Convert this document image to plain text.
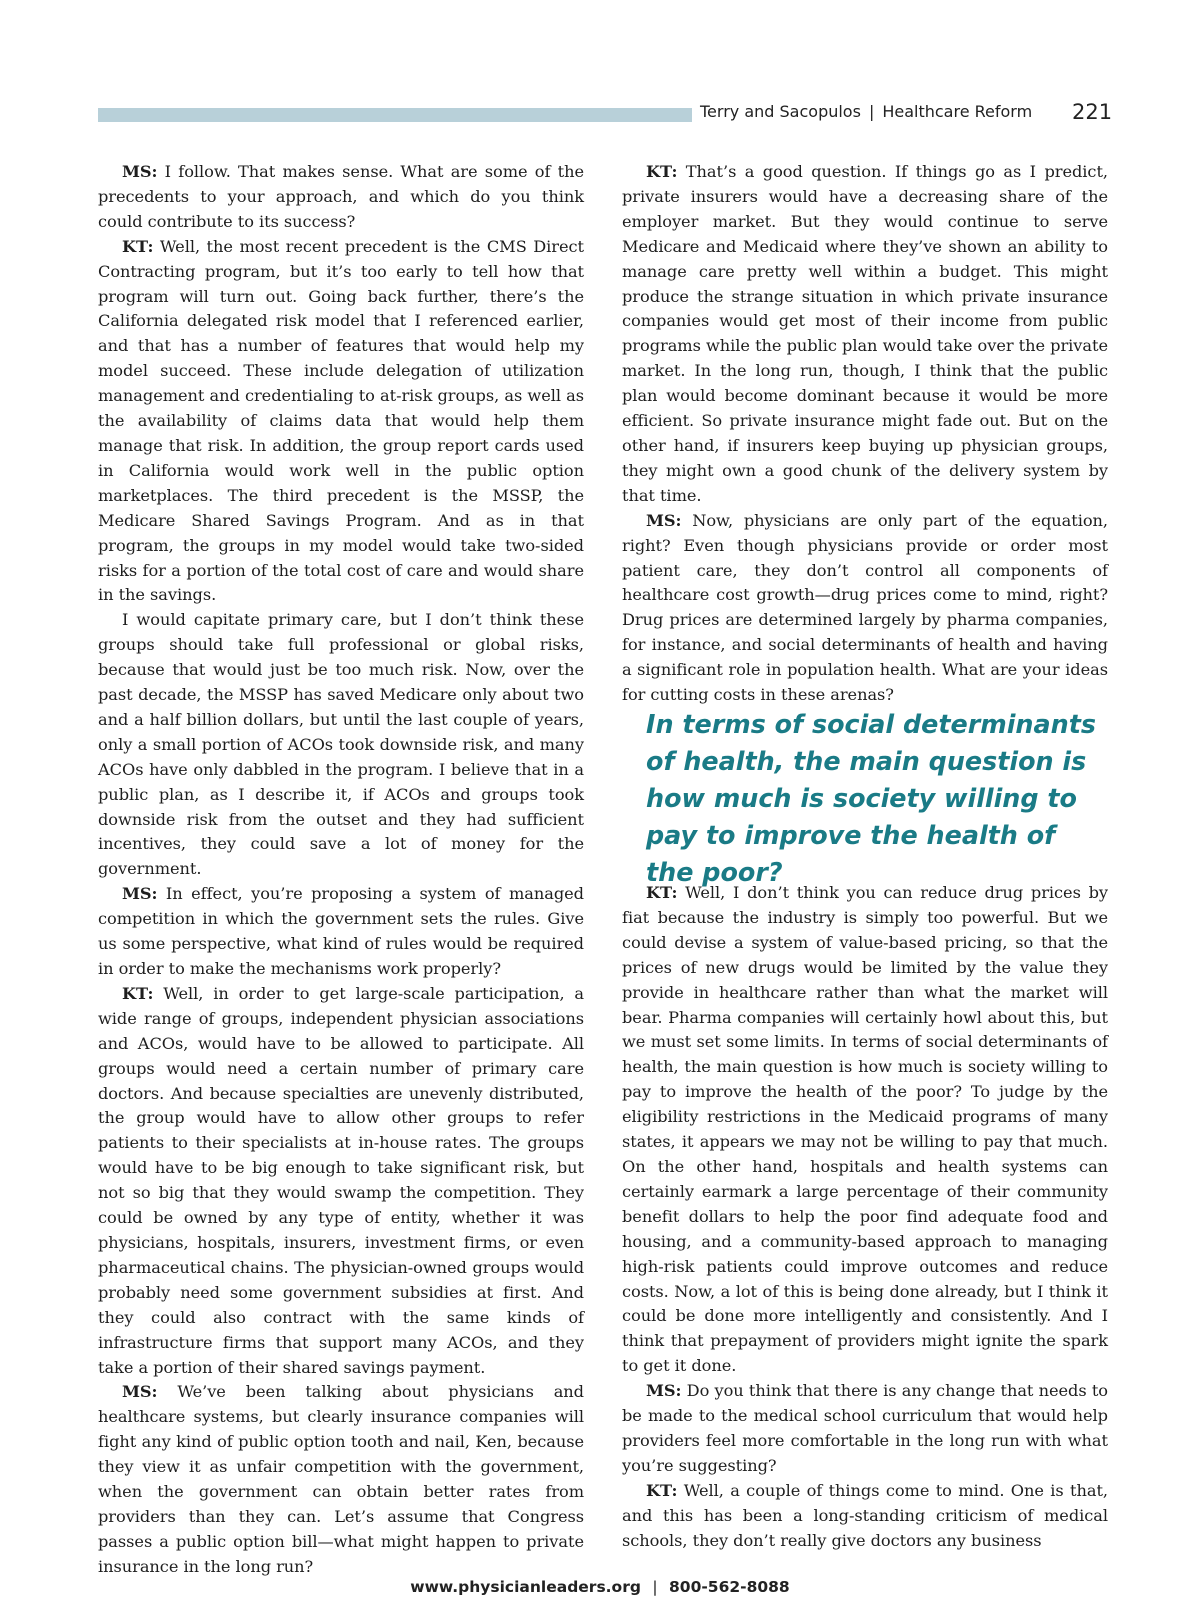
Terry and Sacopulos | Healthcare Reform 221

MS: I follow. That makes sense. What are some of the precedents to your approach, and which do you think could contribute to its success?

KT: Well, the most recent precedent is the CMS Direct Contracting program, but it’s too early to tell how that program will turn out. Going back further, there’s the California delegated risk model that I referenced earlier, and that has a number of features that would help my model succeed. These include delegation of utilization management and credentialing to at-risk groups, as well as the availability of claims data that would help them manage that risk. In addition, the group report cards used in California would work well in the public option marketplaces. The third precedent is the MSSP, the Medicare Shared Savings Program. And as in that program, the groups in my model would take two-sided risks for a portion of the total cost of care and would share in the savings.

I would capitate primary care, but I don’t think these groups should take full professional or global risks, because that would just be too much risk. Now, over the past decade, the MSSP has saved Medicare only about two and a half billion dollars, but until the last couple of years, only a small portion of ACOs took downside risk, and many ACOs have only dabbled in the program. I believe that in a public plan, as I describe it, if ACOs and groups took downside risk from the outset and they had sufficient incentives, they could save a lot of money for the government.

MS: In effect, you’re proposing a system of managed competition in which the government sets the rules. Give us some perspective, what kind of rules would be required in order to make the mechanisms work properly?

KT: Well, in order to get large-scale participation, a wide range of groups, independent physician associations and ACOs, would have to be allowed to participate. All groups would need a certain number of primary care doctors. And because specialties are unevenly distributed, the group would have to allow other groups to refer patients to their specialists at in-house rates. The groups would have to be big enough to take significant risk, but not so big that they would swamp the competition. They could be owned by any type of entity, whether it was physicians, hospitals, insurers, investment firms, or even pharmaceutical chains. The physician-owned groups would probably need some government subsidies at first. And they could also contract with the same kinds of infrastructure firms that support many ACOs, and they take a portion of their shared savings payment.

MS: We’ve been talking about physicians and healthcare systems, but clearly insurance companies will fight any kind of public option tooth and nail, Ken, because they view it as unfair competition with the government, when the government can obtain better rates from providers than they can. Let’s assume that Congress passes a public option bill—what might happen to private insurance in the long run?

KT: That’s a good question. If things go as I predict, private insurers would have a decreasing share of the employer market. But they would continue to serve Medicare and Medicaid where they’ve shown an ability to manage care pretty well within a budget. This might produce the strange situation in which private insurance companies would get most of their income from public programs while the public plan would take over the private market. In the long run, though, I think that the public plan would become dominant because it would be more efficient. So private insurance might fade out. But on the other hand, if insurers keep buying up physician groups, they might own a good chunk of the delivery system by that time.

MS: Now, physicians are only part of the equation, right? Even though physicians provide or order most patient care, they don’t control all components of healthcare cost growth—drug prices come to mind, right? Drug prices are determined largely by pharma companies, for instance, and social determinants of health and having a significant role in population health. What are your ideas for cutting costs in these arenas?

In terms of social determinants of health, the main question is how much is society willing to pay to improve the health of the poor?

KT: Well, I don’t think you can reduce drug prices by fiat because the industry is simply too powerful. But we could devise a system of value-based pricing, so that the prices of new drugs would be limited by the value they provide in healthcare rather than what the market will bear. Pharma companies will certainly howl about this, but we must set some limits. In terms of social determinants of health, the main question is how much is society willing to pay to improve the health of the poor? To judge by the eligibility restrictions in the Medicaid programs of many states, it appears we may not be willing to pay that much. On the other hand, hospitals and health systems can certainly earmark a large percentage of their community benefit dollars to help the poor find adequate food and housing, and a community-based approach to managing high-risk patients could improve outcomes and reduce costs. Now, a lot of this is being done already, but I think it could be done more intelligently and consistently. And I think that prepayment of providers might ignite the spark to get it done.

MS: Do you think that there is any change that needs to be made to the medical school curriculum that would help providers feel more comfortable in the long run with what you’re suggesting?

KT: Well, a couple of things come to mind. One is that, and this has been a long-standing criticism of medical schools, they don’t really give doctors any business

www.physicianleaders.org | 800-562-8088
